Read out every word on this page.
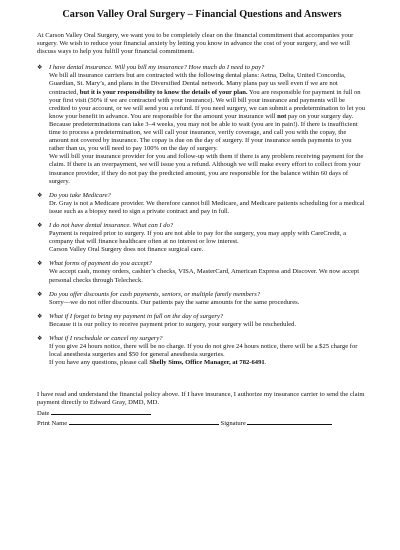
Carson Valley Oral Surgery – Financial Questions and Answers

At Carson Valley Oral Surgery, we want you to be completely clear on the financial commitment that accompanies your surgery. We wish to reduce your financial anxiety by letting you know in advance the cost of your surgery, and we will discuss ways to help you fulfill your financial commitment.

❖ I have dental insurance. Will you bill my insurance? How much do I need to pay?
We bill all insurance carriers but are contracted with the following dental plans: Aetna, Delta, United Concordia, Guardian, St. Mary’s, and plans in the Diversified Dental network. Many plans pay us well even if we are not contracted, but it is your responsibility to know the details of your plan. You are responsible for payment in full on your first visit (50% if we are contracted with your insurance). We will bill your insurance and payments will be credited to your account, or we will send you a refund. If you need surgery, we can submit a predetermination to let you know your benefit in advance. You are responsible for the amount your insurance will not pay on your surgery day. Because predeterminations can take 3–4 weeks, you may not be able to wait (you are in pain!). If there is insufficient time to process a predetermination, we will call your insurance, verify coverage, and call you with the copay, the amount not covered by insurance. The copay is due on the day of surgery. If your insurance sends payments to you rather than us, you will need to pay 100% on the day of surgery.
We will bill your insurance provider for you and follow-up with them if there is any problem receiving payment for the claim. If there is an overpayment, we will issue you a refund. Although we will make every effort to collect from your insurance provider, if they do not pay the predicted amount, you are responsible for the balance within 60 days of surgery.

❖ Do you take Medicare?
Dr. Gray is not a Medicare provider. We therefore cannot bill Medicare, and Medicare patients scheduling for a medical issue such as a biopsy need to sign a private contract and pay in full.

❖ I do not have dental insurance. What can I do?
Payment is required prior to surgery. If you are not able to pay for the surgery, you may apply with CareCredit, a company that will finance healthcare often at no interest or low interest.
Carson Valley Oral Surgery does not finance surgical care.

❖ What forms of payment do you accept?
We accept cash, money orders, cashier’s checks, VISA, MasterCard, American Express and Discover. We now accept personal checks through Telecheck.

❖ Do you offer discounts for cash payments, seniors, or multiple family members?
Sorry—we do not offer discounts. Our patients pay the same amounts for the same procedures.

❖ What if I forget to bring my payment in full on the day of surgery?
Because it is our policy to receive payment prior to surgery, your surgery will be rescheduled.

❖ What if I reschedule or cancel my surgery?
If you give 24 hours notice, there will be no charge. If you do not give 24 hours notice, there will be a $25 charge for local anesthesia surgeries and $50 for general anesthesia surgeries.
If you have any questions, please call Shelly Sims, Office Manager, at 782-6491.

I have read and understand the financial policy above. If I have insurance, I authorize my insurance carrier to send the claim payment directly to Edward Gray, DMD, MD.

Date
Print Name	Signature
